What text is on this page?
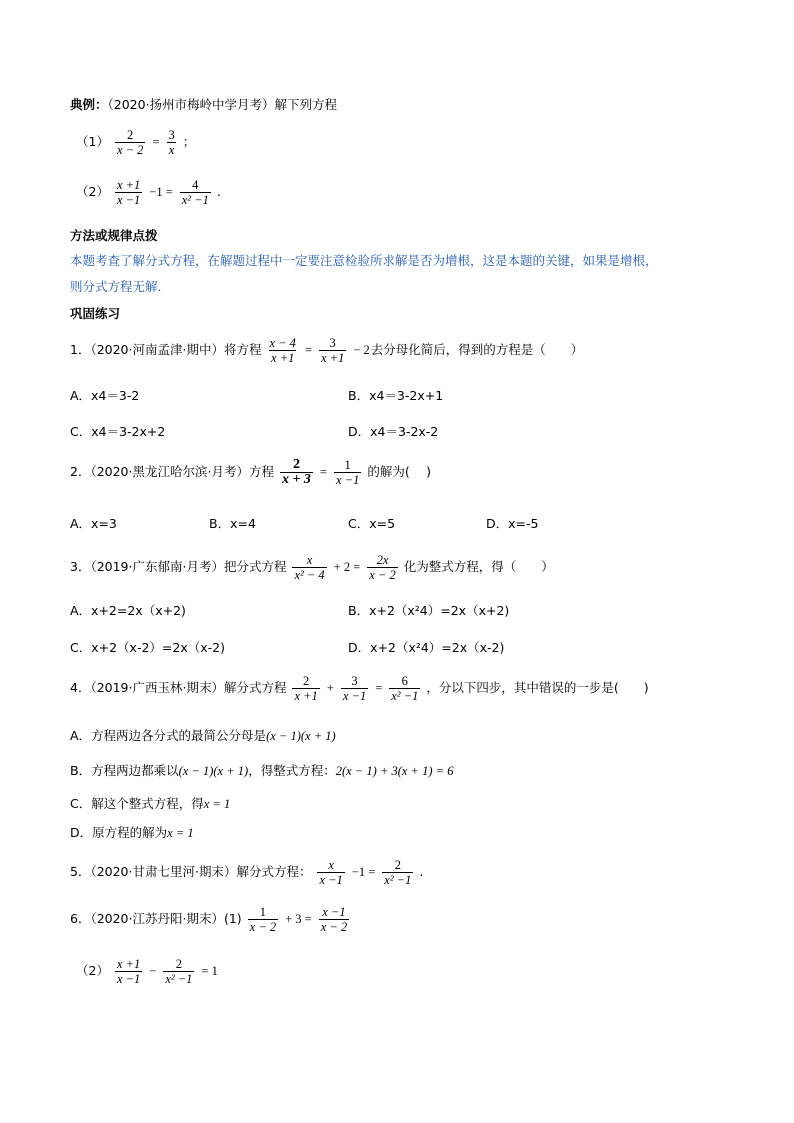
典例：（2020·扬州市梅岭中学月考）解下列方程
$(1) \frac{2}{x - 2} = \frac{3}{x}$ ；
$(2) \frac{x +1}{x -1} -1 = \frac{4}{\text{x² −1}}$ .
方法或规律点拨
本题考查了解分式方程，在解题过程中一定要注意检验所求解是否为增根，这是本题的关键，如果是增根，
则分式方程无解．
巩固练习
1．（2020·河南孟津·期中）将方程 $\frac{x - 4}{x +1} = \frac{3}{x +1} - 2$去分母化简后，得到的方程是（　　）
A．x4＝3-2	B．x4＝3-2x+1
C．x4＝3-2x+2	D．x4＝3-2x-2
2．（2020·黑龙江哈尔滨·月考）方程 $\frac{2}{x + 3} = \frac{1}{x -1}$ 的解为(　 )
A．x=3	B．x=4	C．x=5	D．x=-5
3．（2019·广东郁南·月考）把分式方程 $\frac{x}{\text{x² − 4}} + 2 = \frac{2x}{x - 2}$ 化为整式方程，得（　　）
A．x+2=2x（x+2)	B．x+2（x²4）=2x（x+2)
C．x+2（x-2）=2x（x-2)	D．x+2（x²4）=2x（x-2)
4．（2019·广西玉林·期末）解分式方程 $\frac{2}{x +1} + \frac{3}{x -1} = \frac{6}{\text{x² −1}}$ ，分以下四步，其中错误的一步是(　　)
A．方程两边各分式的最简公分母是(x − 1)(x + 1)
B．方程两边都乘以(x − 1)(x + 1)，得整式方程：2(x − 1) + 3(x + 1) = 6
C．解这个整式方程，得x = 1
D．原方程的解为x = 1
5．（2020·甘肃七里河·期末）解分式方程： $\frac{x}{x -1} -1 = \frac{2}{\text{x² −1}}$ .
6．（2020·江苏丹阳·期末）$(1) \frac{1}{x - 2} + 3 = \frac{x -1}{x - 2}$
$(2) \frac{x +1}{x -1} - \frac{2}{\text{x² −1}} = 1$
